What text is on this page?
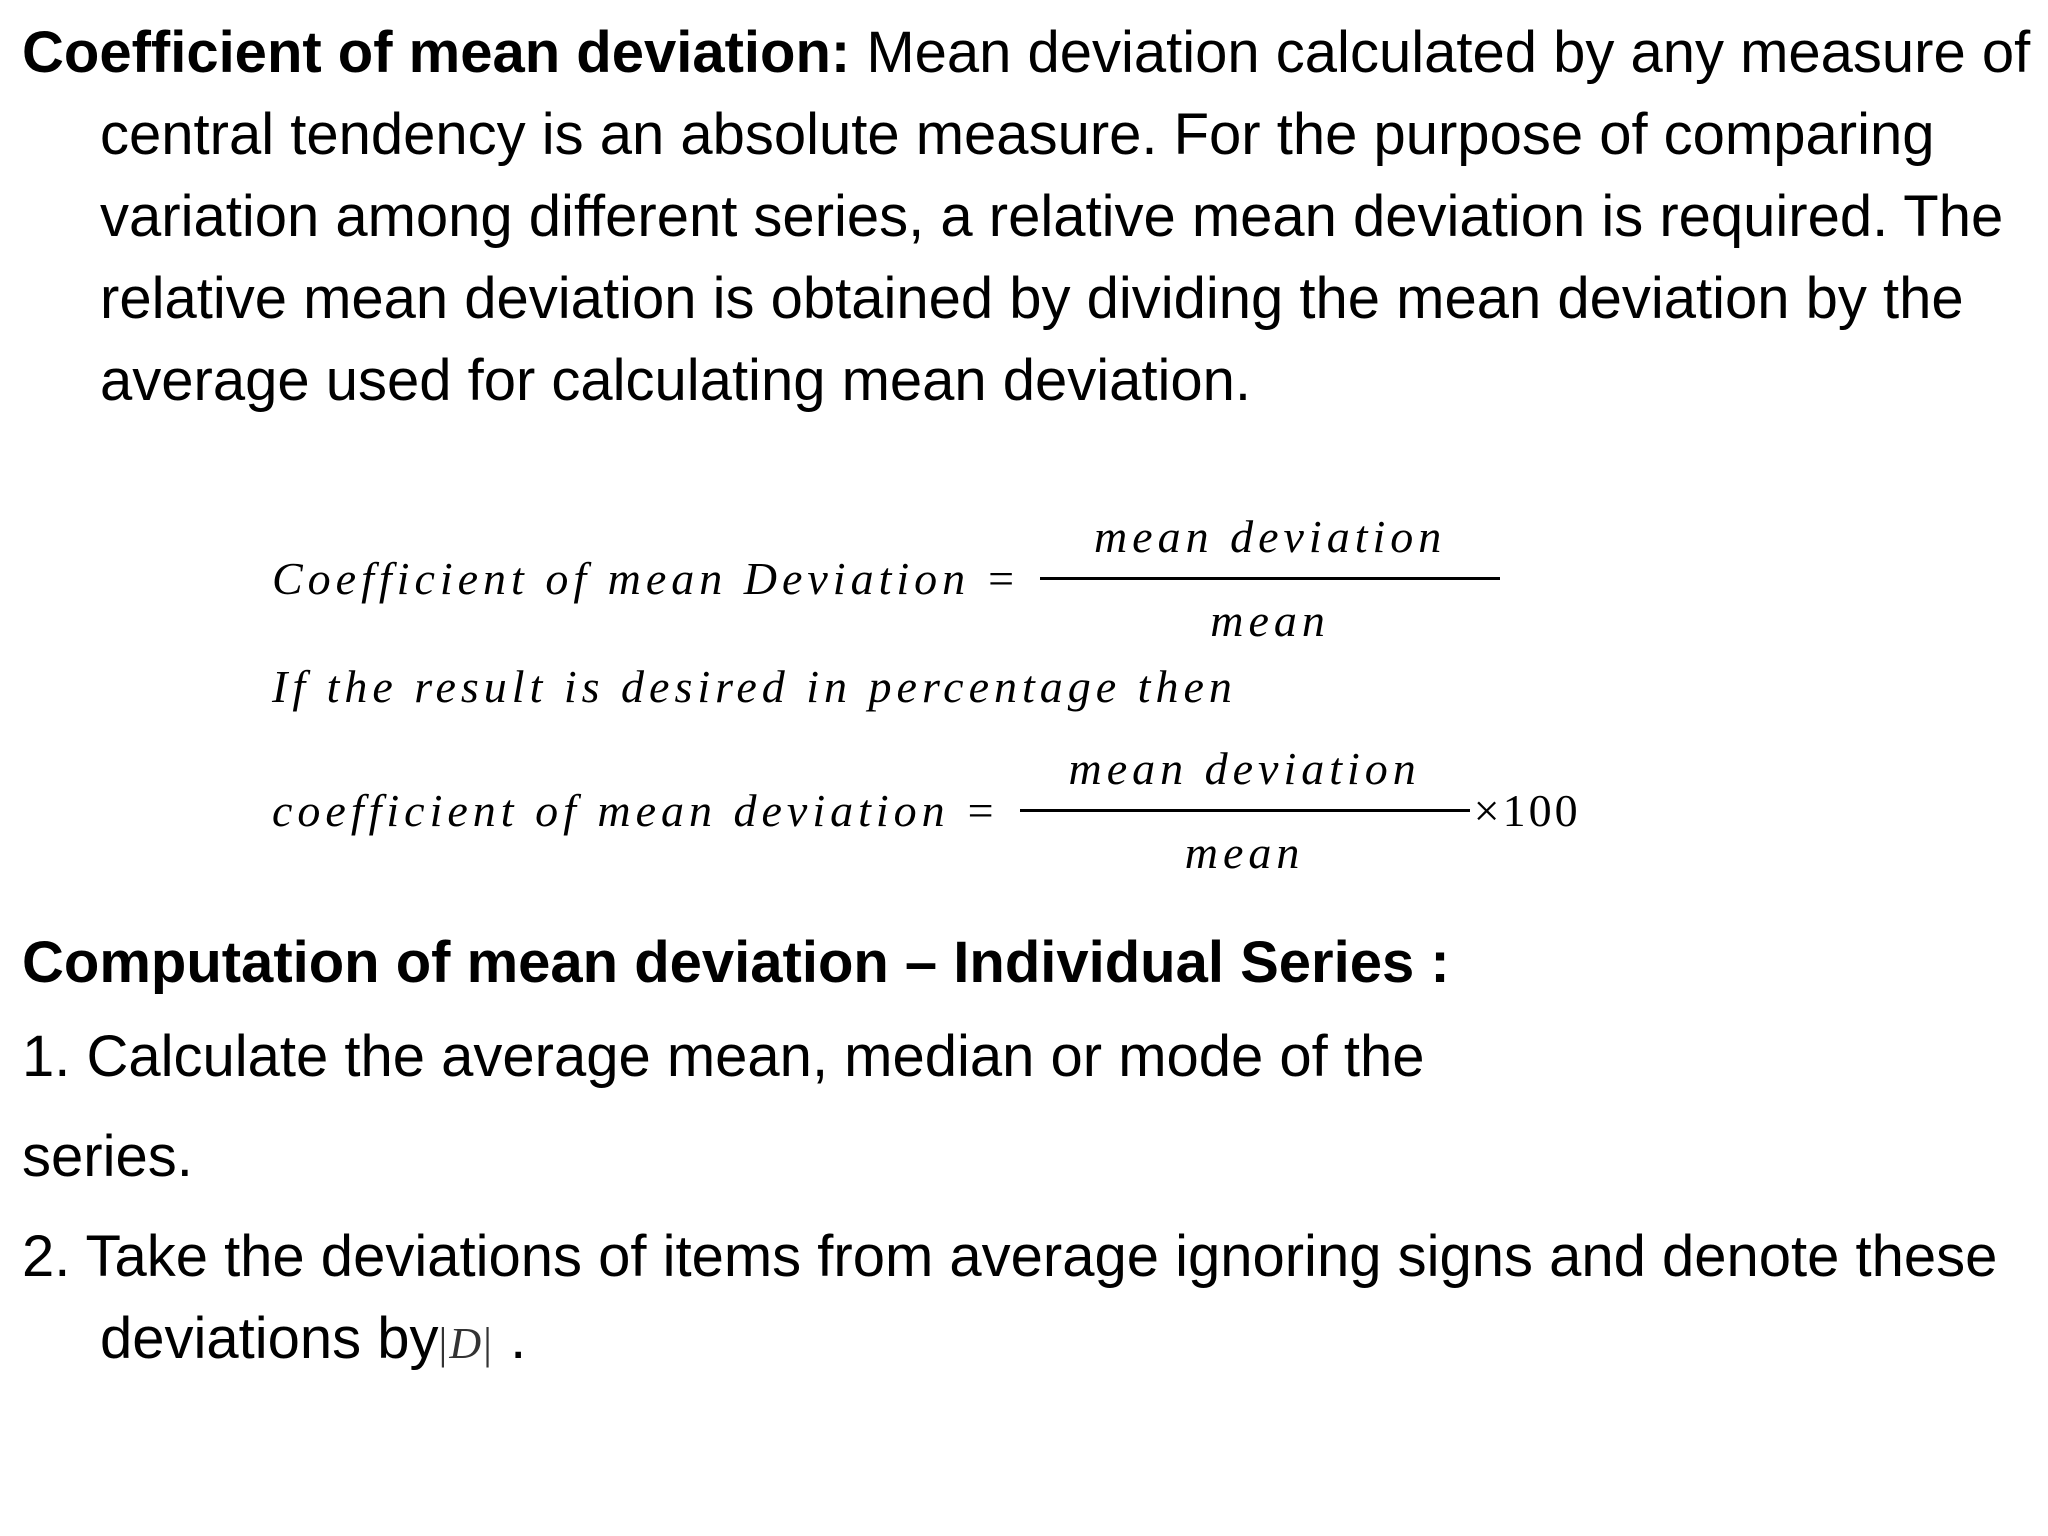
Coefficient of mean deviation: Mean deviation calculated by any measure of central tendency is an absolute measure. For the purpose of comparing variation among different series, a relative mean deviation is required. The relative mean deviation is obtained by dividing the mean deviation by the average used for calculating mean deviation.

Coefficient of mean Deviation = $\frac{\text{mean deviation}}{\text{mean}}$
If the result is desired in percentage then
coefficient of mean deviation = $\frac{\text{mean deviation}}{\text{mean}} \times 100$

Computation of mean deviation – Individual Series :

1. Calculate the average mean, median or mode of the

series.

2. Take the deviations of items from average ignoring signs and denote these deviations by|D| .
